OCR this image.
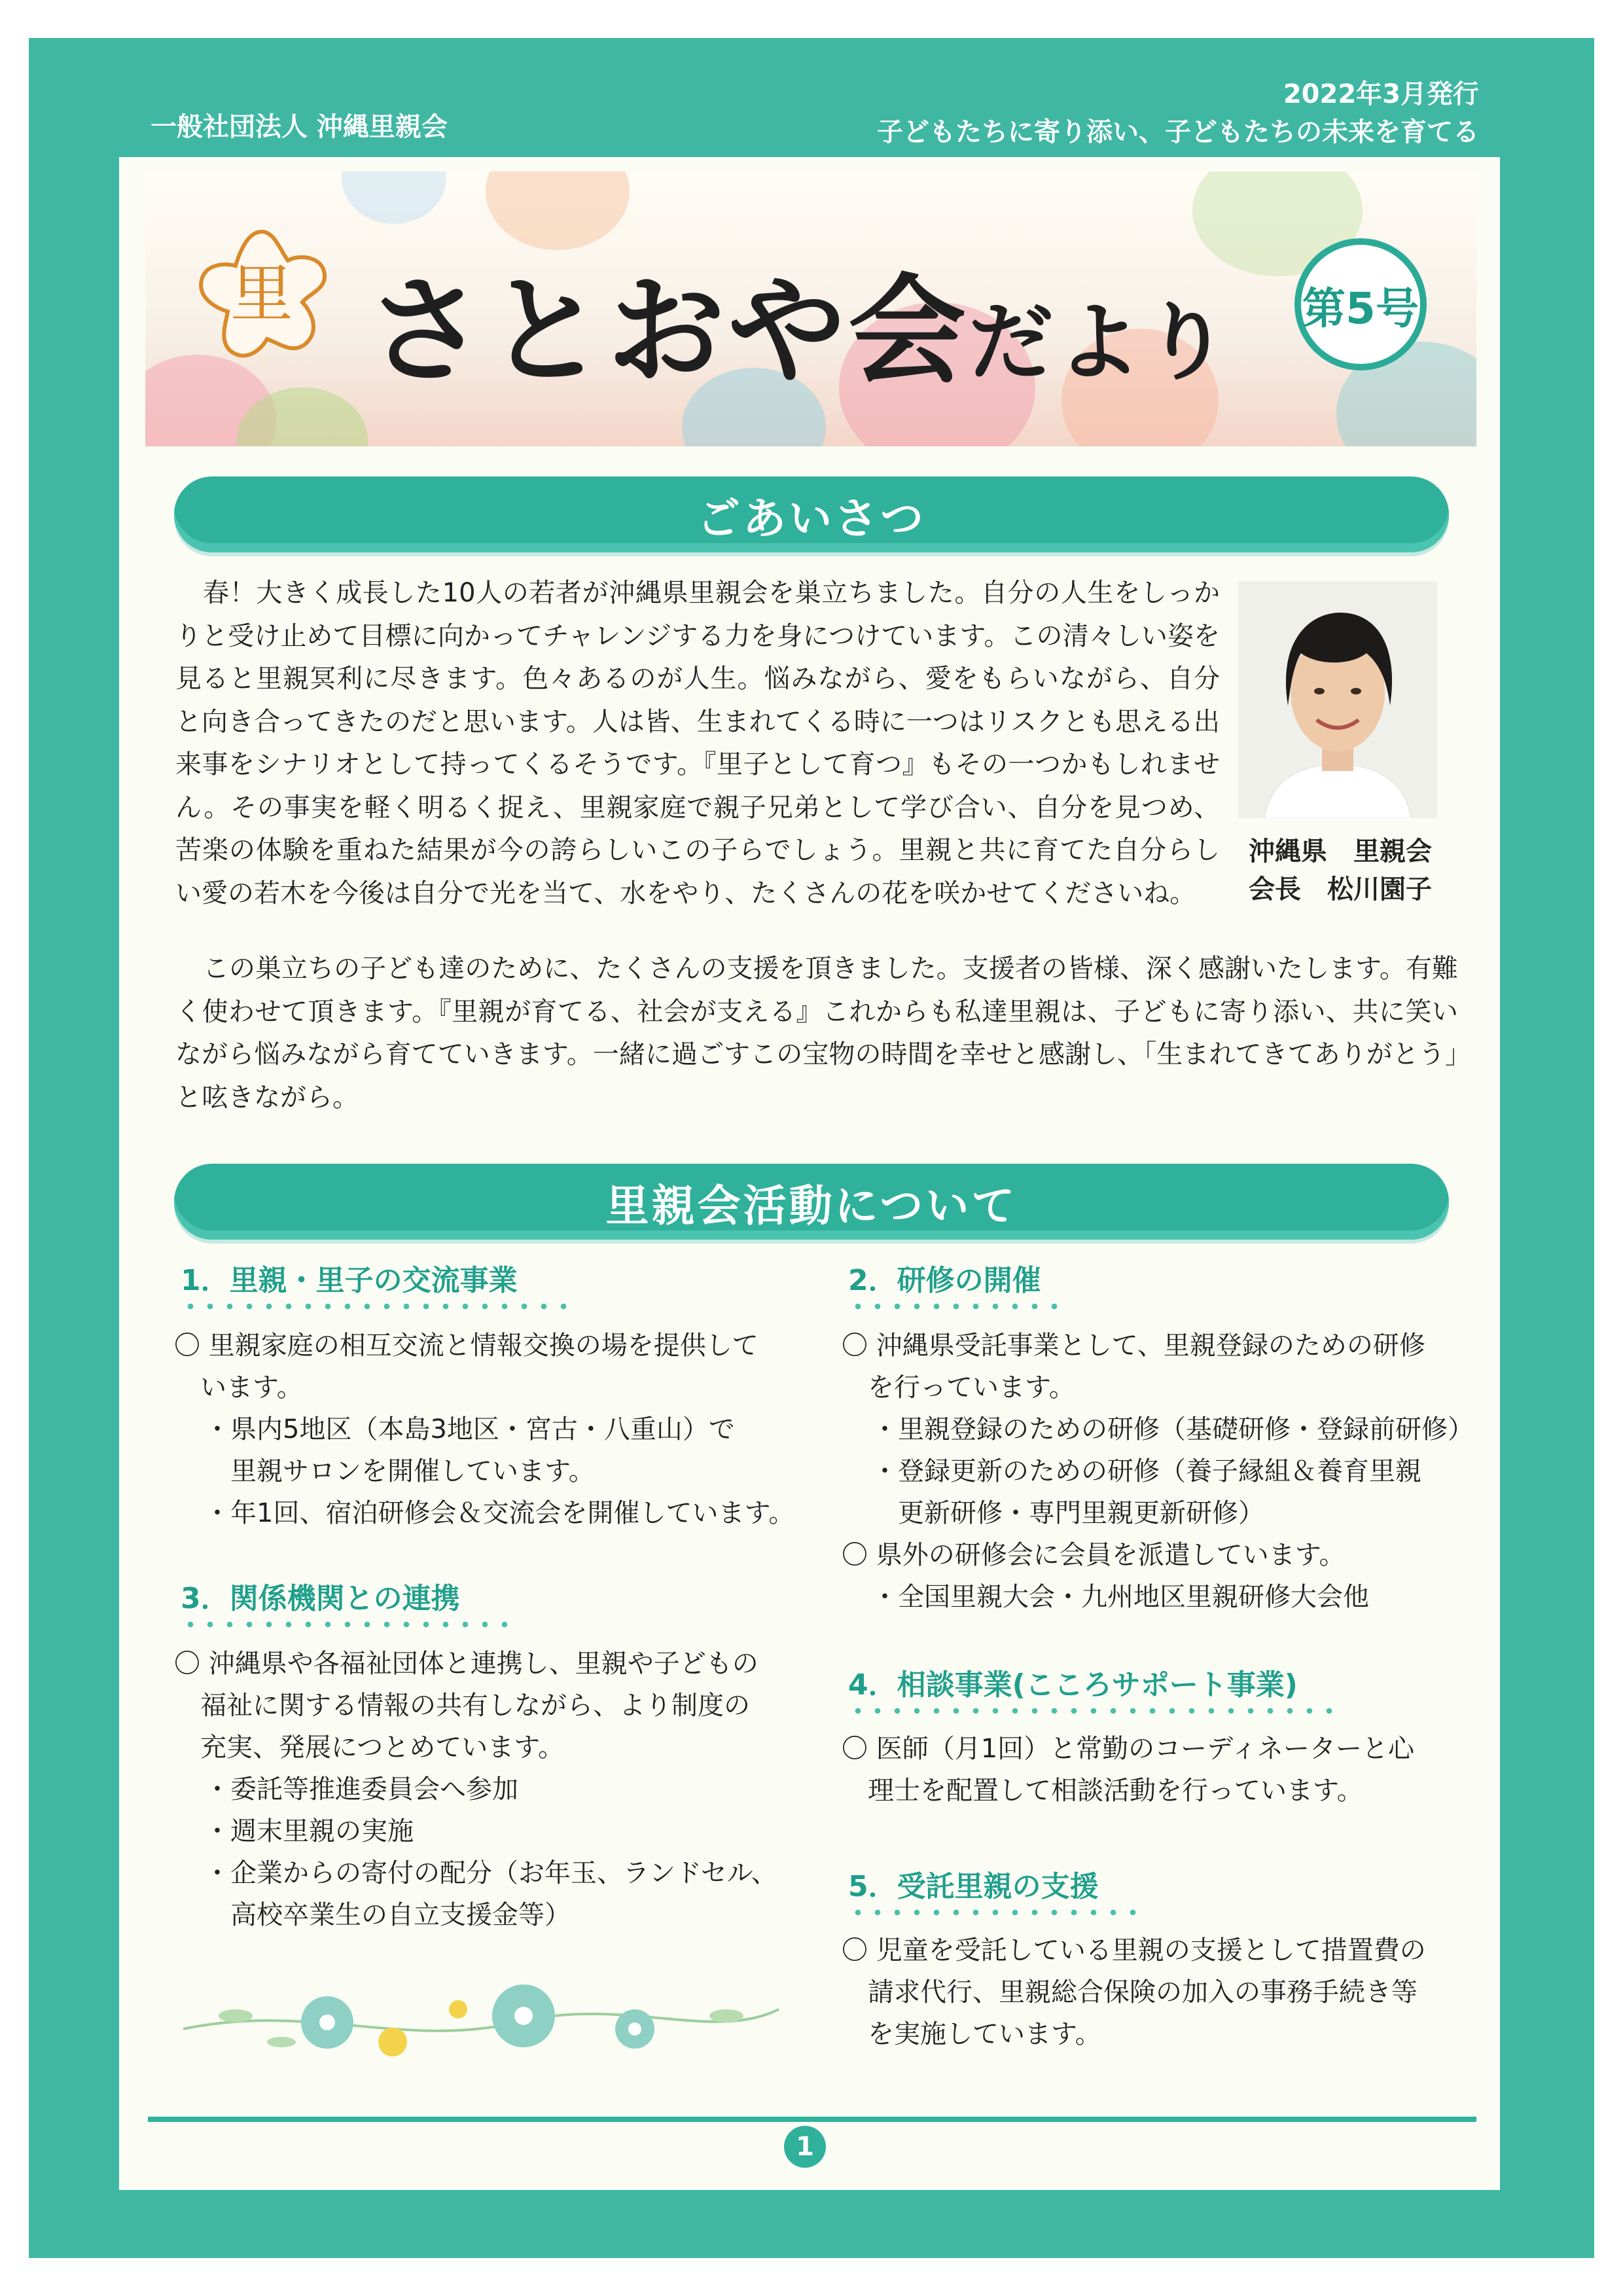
一般社団法人 沖縄里親会
2022年3月発行
子どもたちに寄り添い、子どもたちの未来を育てる
里 さとおや会だより 第5号
ごあいさつ

春！大きく成長した10人の若者が沖縄県里親会を巣立ちました。自分の人生をしっかりと受け止めて目標に向かってチャレンジする力を身につけています。この清々しい姿を見ると里親冥利に尽きます。色々あるのが人生。悩みながら、愛をもらいながら、自分と向き合ってきたのだと思います。人は皆、生まれてくる時に一つはリスクとも思える出来事をシナリオとして持ってくるそうです。『里子として育つ』もその一つかもしれません。その事実を軽く明るく捉え、里親家庭で親子兄弟として学び合い、自分を見つめ、苦楽の体験を重ねた結果が今の誇らしいこの子らでしょう。里親と共に育てた自分らしい愛の若木を今後は自分で光を当て、水をやり、たくさんの花を咲かせてくださいね。

沖縄県　里親会
会長　松川園子

この巣立ちの子ども達のために、たくさんの支援を頂きました。支援者の皆様、深く感謝いたします。有難く使わせて頂きます。『里親が育てる、社会が支える』これからも私達里親は、子どもに寄り添い、共に笑いながら悩みながら育てていきます。一緒に過ごすこの宝物の時間を幸せと感謝し、「生まれてきてありがとう」と呟きながら。

里親会活動について
1．里親・里子の交流事業
〇 里親家庭の相互交流と情報交換の場を提供して
　います。
・県内5地区（本島3地区・宮古・八重山）で
　里親サロンを開催しています。
・年1回、宿泊研修会＆交流会を開催しています。
3．関係機関との連携
〇 沖縄県や各福祉団体と連携し、里親や子どもの
　福祉に関する情報の共有しながら、より制度の
　充実、発展につとめています。
・委託等推進委員会へ参加
・週末里親の実施
・企業からの寄付の配分（お年玉、ランドセル、
　高校卒業生の自立支援金等）
2．研修の開催
〇 沖縄県受託事業として、里親登録のための研修
　を行っています。
・里親登録のための研修（基礎研修・登録前研修）
・登録更新のための研修（養子縁組＆養育里親
　更新研修・専門里親更新研修）
〇 県外の研修会に会員を派遣しています。
・全国里親大会・九州地区里親研修大会他
4．相談事業(こころサポート事業)
〇 医師（月1回）と常勤のコーディネーターと心
　理士を配置して相談活動を行っています。
5．受託里親の支援
〇 児童を受託している里親の支援として措置費の
　請求代行、里親総合保険の加入の事務手続き等
　を実施しています。
1
